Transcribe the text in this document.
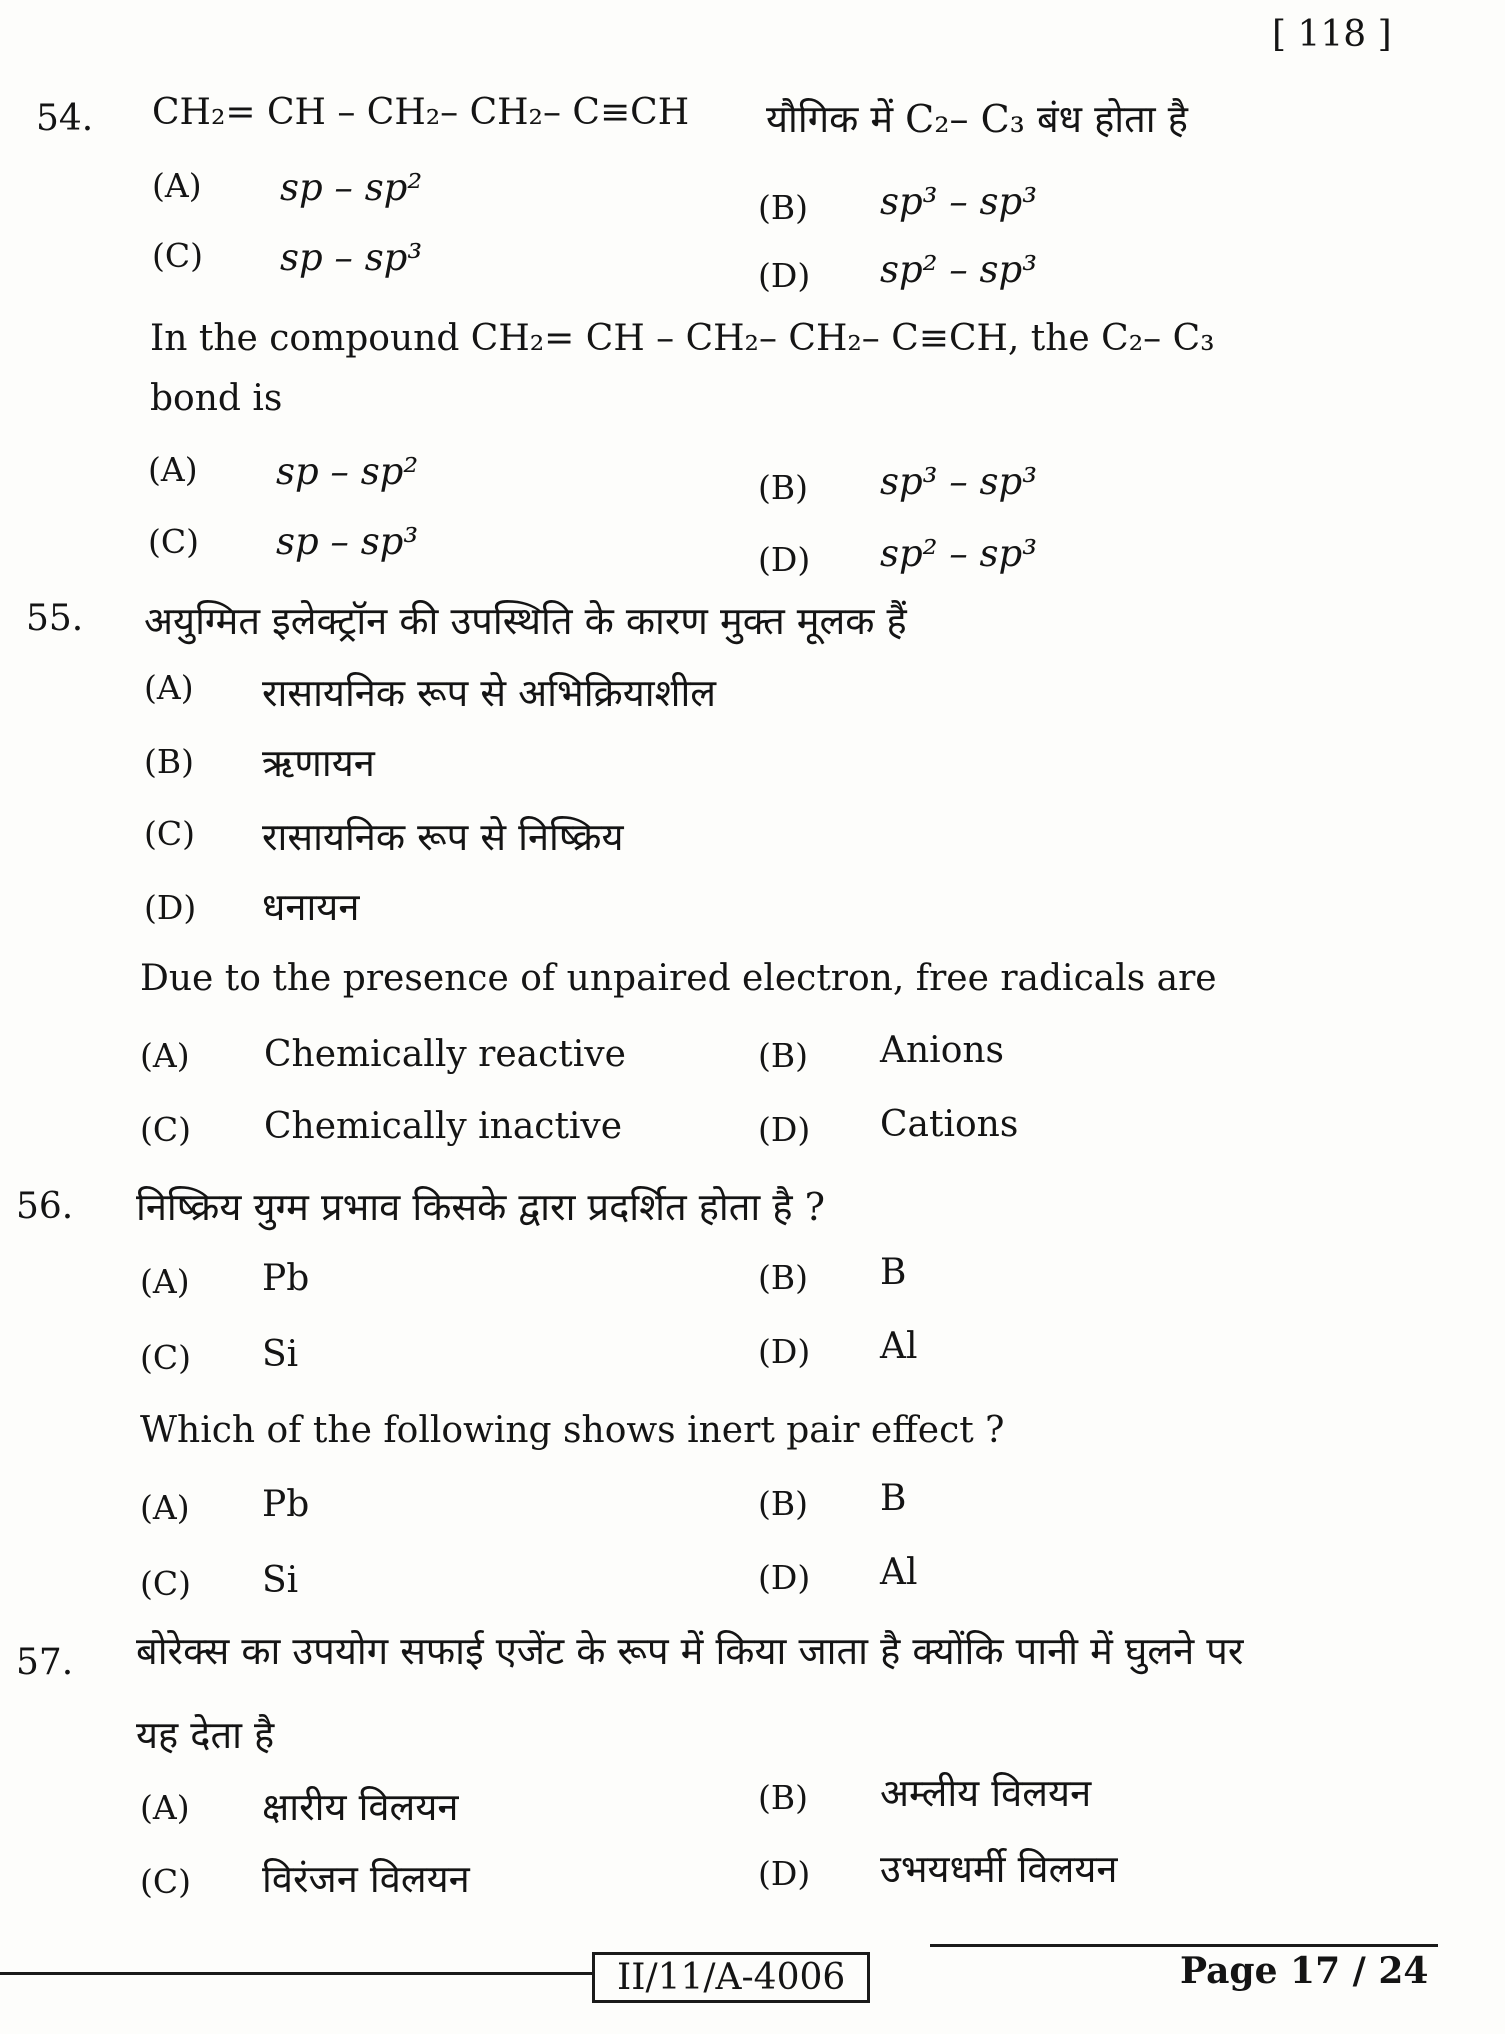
[ 118 ]
54. CH₂= CH – CH₂– CH₂– C≡CH यौगिक में C₂– C₃ बंध होता है
(A) sp – sp²	(B) sp³ – sp³
(C) sp – sp³	(D) sp² – sp³
In the compound CH₂= CH – CH₂– CH₂– C≡CH, the C₂– C₃
bond is
(A) sp – sp²	(B) sp³ – sp³
(C) sp – sp³	(D) sp² – sp³
55. अयुग्मित इलेक्ट्रॉन की उपस्थिति के कारण मुक्त मूलक हैं
(A) रासायनिक रूप से अभिक्रियाशील
(B) ऋणायन
(C) रासायनिक रूप से निष्क्रिय
(D) धनायन
Due to the presence of unpaired electron, free radicals are
(A) Chemically reactive	(B) Anions
(C) Chemically inactive	(D) Cations
56. निष्क्रिय युग्म प्रभाव किसके द्वारा प्रदर्शित होता है ?
(A) Pb	(B) B
(C) Si	(D) Al
Which of the following shows inert pair effect ?
(A) Pb	(B) B
(C) Si	(D) Al
57. बोरेक्स का उपयोग सफाई एजेंट के रूप में किया जाता है क्योंकि पानी में घुलने पर
यह देता है
(A) क्षारीय विलयन	(B) अम्लीय विलयन
(C) विरंजन विलयन	(D) उभयधर्मी विलयन
II/11/A-4006	Page 17 / 24
